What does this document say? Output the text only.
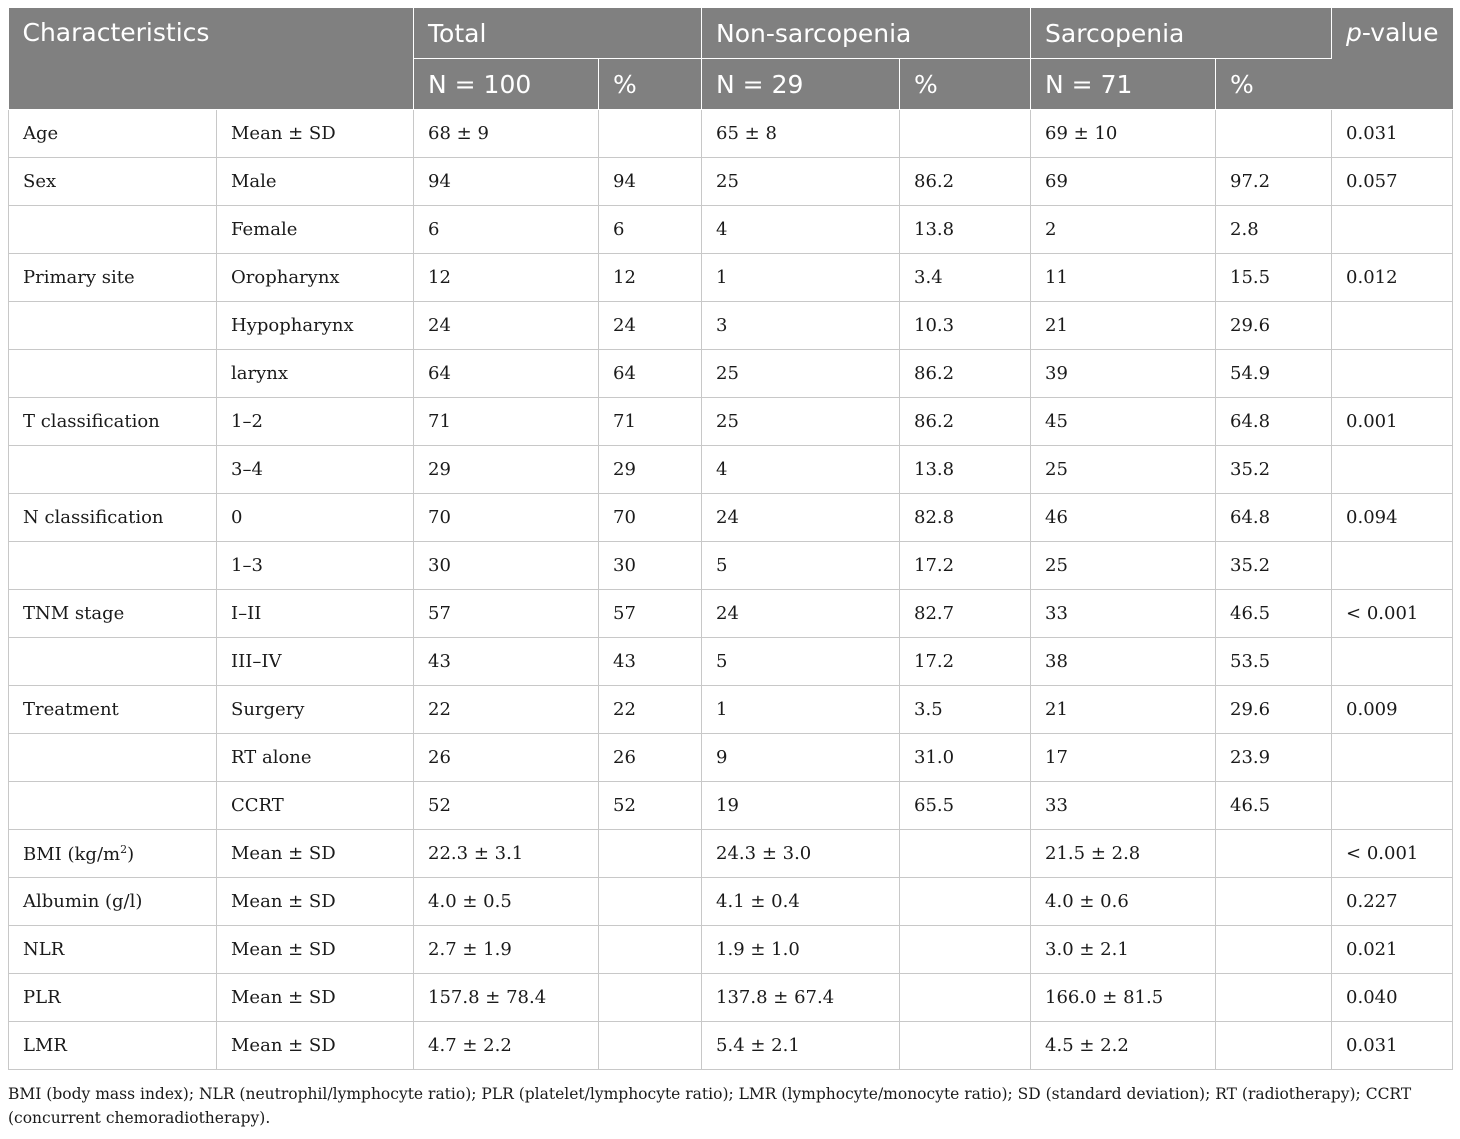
Characteristics		Total		Non-sarcopenia		Sarcopenia		p-value
		N = 100	%	N = 29	%	N = 71	%	
Age	Mean ± SD	68 ± 9		65 ± 8		69 ± 10		0.031
Sex	Male	94	94	25	86.2	69	97.2	0.057
	Female	6	6	4	13.8	2	2.8	
Primary site	Oropharynx	12	12	1	3.4	11	15.5	0.012
	Hypopharynx	24	24	3	10.3	21	29.6	
	larynx	64	64	25	86.2	39	54.9	
T classification	1–2	71	71	25	86.2	45	64.8	0.001
	3–4	29	29	4	13.8	25	35.2	
N classification	0	70	70	24	82.8	46	64.8	0.094
	1–3	30	30	5	17.2	25	35.2	
TNM stage	I–II	57	57	24	82.7	33	46.5	< 0.001
	III–IV	43	43	5	17.2	38	53.5	
Treatment	Surgery	22	22	1	3.5	21	29.6	0.009
	RT alone	26	26	9	31.0	17	23.9	
	CCRT	52	52	19	65.5	33	46.5	
BMI $(kg/m^2)$	Mean ± SD	22.3 ± 3.1		24.3 ± 3.0		21.5 ± 2.8		< 0.001
Albumin (g/l)	Mean ± SD	4.0 ± 0.5		4.1 ± 0.4		4.0 ± 0.6		0.227
NLR	Mean ± SD	2.7 ± 1.9		1.9 ± 1.0		3.0 ± 2.1		0.021
PLR	Mean ± SD	157.8 ± 78.4		137.8 ± 67.4		166.0 ± 81.5		0.040
LMR	Mean ± SD	4.7 ± 2.2		5.4 ± 2.1		4.5 ± 2.2		0.031
BMI (body mass index); NLR (neutrophil/lymphocyte ratio); PLR (platelet/lymphocyte ratio); LMR (lymphocyte/monocyte ratio); SD (standard deviation); RT (radiotherapy); CCRT (concurrent chemoradiotherapy).
